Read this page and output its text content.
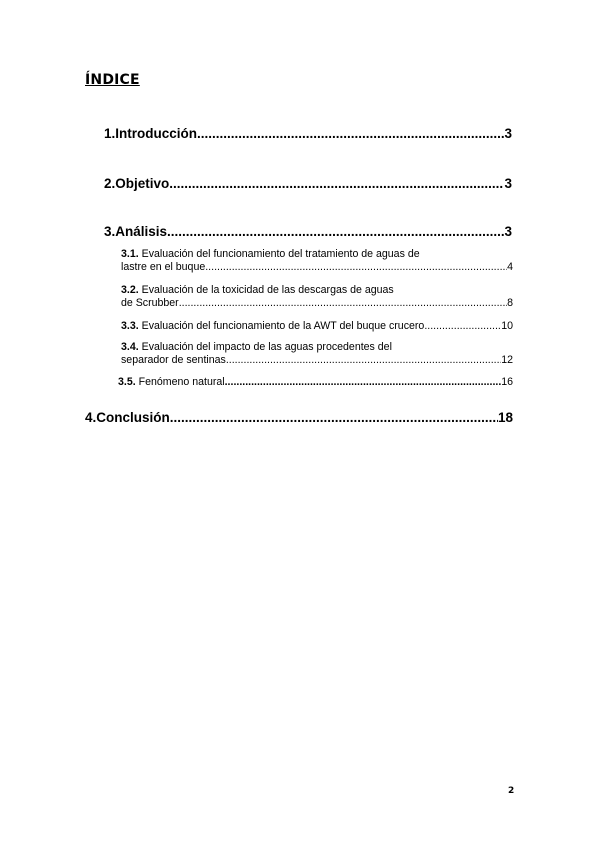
ÍNDICE
1.Introducción .....	3
2.Objetivo .....	3
3.Análisis .....	3
3.1. Evaluación del funcionamiento del tratamiento de aguas de
lastre en el buque .....	4
3.2. Evaluación de la toxicidad de las descargas de aguas
de Scrubber .....	8
3.3.
Evaluación del funcionamiento de la AWT del buque crucero .....	10
3.4. Evaluación del impacto de las aguas procedentes del
separador de sentinas .....	12
3.5.
Fenómeno natural .....	16
4.Conclusión .....	18
2
